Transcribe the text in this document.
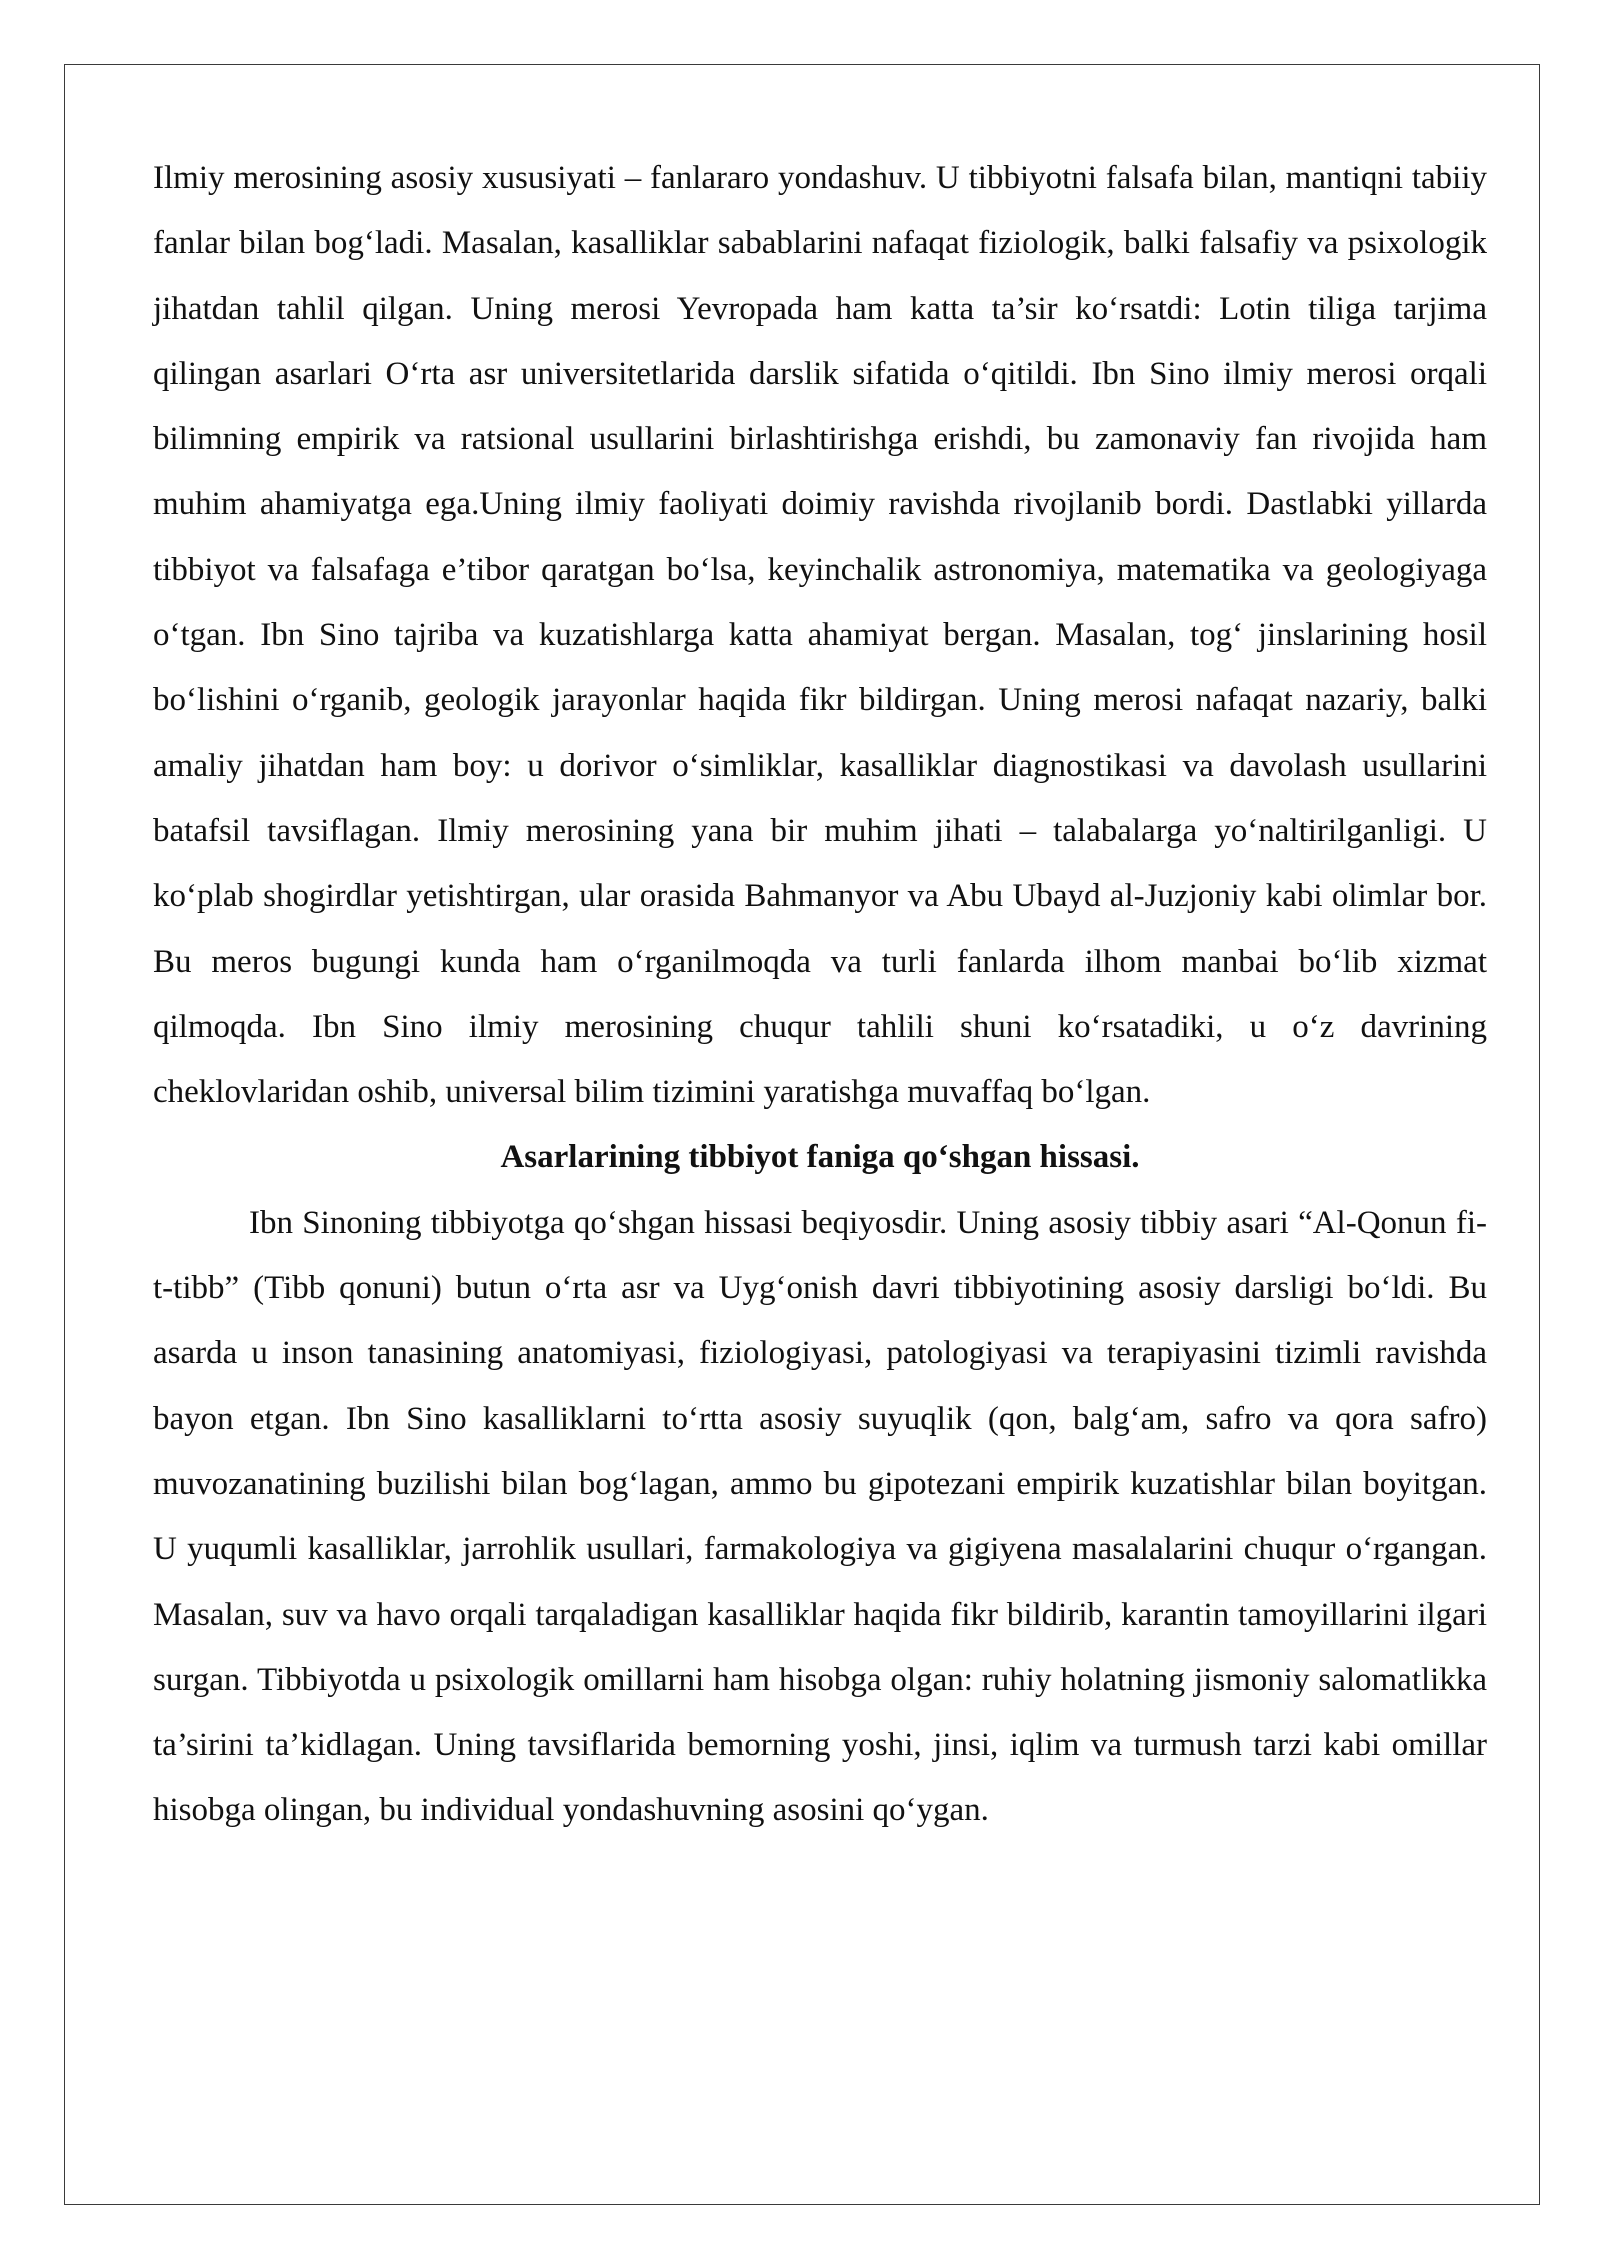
Ilmiy merosining asosiy xususiyati – fanlararo yondashuv. U tibbiyotni falsafa bilan, mantiqni tabiiy fanlar bilan bog‘ladi. Masalan, kasalliklar sabablarini nafaqat fiziologik, balki falsafiy va psixologik jihatdan tahlil qilgan. Uning merosi Yevropada ham katta ta’sir ko‘rsatdi: Lotin tiliga tarjima qilingan asarlari O‘rta asr universitetlarida darslik sifatida o‘qitildi. Ibn Sino ilmiy merosi orqali bilimning empirik va ratsional usullarini birlashtirishga erishdi, bu zamonaviy fan rivojida ham muhim ahamiyatga ega.Uning ilmiy faoliyati doimiy ravishda rivojlanib bordi. Dastlabki yillarda tibbiyot va falsafaga e’tibor qaratgan bo‘lsa, keyinchalik astronomiya, matematika va geologiyaga o‘tgan. Ibn Sino tajriba va kuzatishlarga katta ahamiyat bergan. Masalan, tog‘ jinslarining hosil bo‘lishini o‘rganib, geologik jarayonlar haqida fikr bildirgan. Uning merosi nafaqat nazariy, balki amaliy jihatdan ham boy: u dorivor o‘simliklar, kasalliklar diagnostikasi va davolash usullarini batafsil tavsiflagan. Ilmiy merosining yana bir muhim jihati – talabalarga yo‘naltirilganligi. U ko‘plab shogirdlar yetishtirgan, ular orasida Bahmanyor va Abu Ubayd al-Juzjoniy kabi olimlar bor. Bu meros bugungi kunda ham o‘rganilmoqda va turli fanlarda ilhom manbai bo‘lib xizmat qilmoqda. Ibn Sino ilmiy merosining chuqur tahlili shuni ko‘rsatadiki, u o‘z davrining cheklovlaridan oshib, universal bilim tizimini yaratishga muvaffaq bo‘lgan.

Asarlarining tibbiyot faniga qo‘shgan hissasi.

Ibn Sinoning tibbiyotga qo‘shgan hissasi beqiyosdir. Uning asosiy tibbiy asari “Al-Qonun fi-t-tibb” (Tibb qonuni) butun o‘rta asr va Uyg‘onish davri tibbiyotining asosiy darsligi bo‘ldi. Bu asarda u inson tanasining anatomiyasi, fiziologiyasi, patologiyasi va terapiyasini tizimli ravishda bayon etgan. Ibn Sino kasalliklarni to‘rtta asosiy suyuqlik (qon, balg‘am, safro va qora safro) muvozanatining buzilishi bilan bog‘lagan, ammo bu gipotezani empirik kuzatishlar bilan boyitgan. U yuqumli kasalliklar, jarrohlik usullari, farmakologiya va gigiyena masalalarini chuqur o‘rgangan. Masalan, suv va havo orqali tarqaladigan kasalliklar haqida fikr bildirib, karantin tamoyillarini ilgari surgan. Tibbiyotda u psixologik omillarni ham hisobga olgan: ruhiy holatning jismoniy salomatlikka ta’sirini ta’kidlagan. Uning tavsiflarida bemorning yoshi, jinsi, iqlim va turmush tarzi kabi omillar hisobga olingan, bu individual yondashuvning asosini qo‘ygan.
